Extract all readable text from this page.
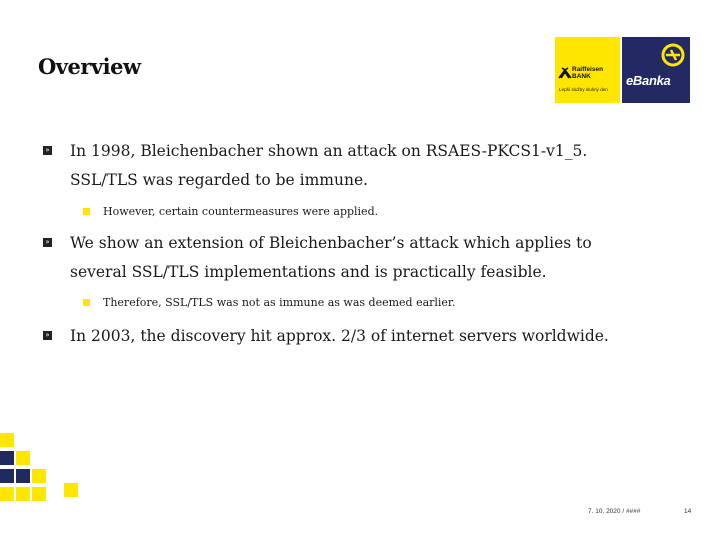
Overview	Raiffeisen
BANK
Lepší služby slušný den
eBanka
» In 1998, Bleichenbacher shown an attack on RSAES-PKCS1-v1_5. SSL/TLS was regarded to be immune.
However, certain countermeasures were applied.
» We show an extension of Bleichenbacher’s attack which applies to several SSL/TLS implementations and is practically feasible.
Therefore, SSL/TLS was not as immune as was deemed earlier.
» In 2003, the discovery hit approx. 2/3 of internet servers worldwide.
7. 10. 2020 / ####	14
